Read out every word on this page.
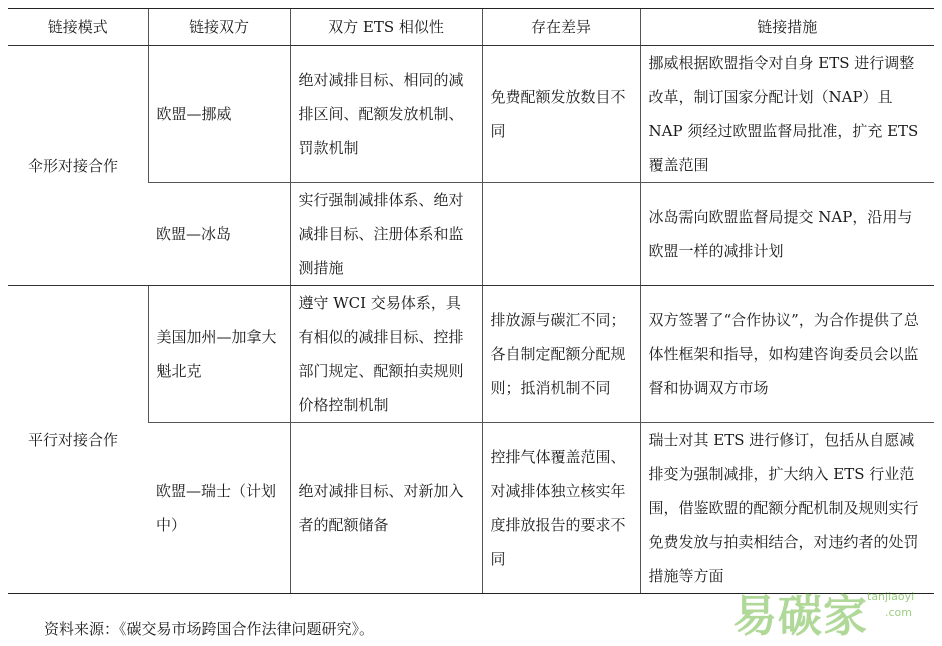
链接模式	链接双方	双方 ETS 相似性	存在差异	链接措施
伞形对接合作	欧盟—挪威	绝对减排目标、相同的减排区间、配额发放机制、罚款机制	免费配额发放数目不同	挪威根据欧盟指令对自身 ETS 进行调整改革，制订国家分配计划（NAP）且 NAP 须经过欧盟监督局批准，扩充 ETS 覆盖范围
	欧盟—冰岛	实行强制减排体系、绝对减排目标、注册体系和监测措施		冰岛需向欧盟监督局提交 NAP，沿用与欧盟一样的减排计划
平行对接合作	美国加州—加拿大魁北克	遵守 WCI 交易体系，具有相似的减排目标、控排部门规定、配额拍卖规则价格控制机制	排放源与碳汇不同；各自制定配额分配规则；抵消机制不同	双方签署了“合作协议”，为合作提供了总体性框架和指导，如构建咨询委员会以监督和协调双方市场
	欧盟—瑞士（计划中）	绝对减排目标、对新加入者的配额储备	控排气体覆盖范围、对减排体独立核实年度排放报告的要求不同	瑞士对其 ETS 进行修订，包括从自愿减排变为强制减排，扩大纳入 ETS 行业范围，借鉴欧盟的配额分配机制及规则实行免费发放与拍卖相结合，对违约者的处罚措施等方面
资料来源：《碳交易市场跨国合作法律问题研究》。	易碳家 tanjiaoyi
.com
